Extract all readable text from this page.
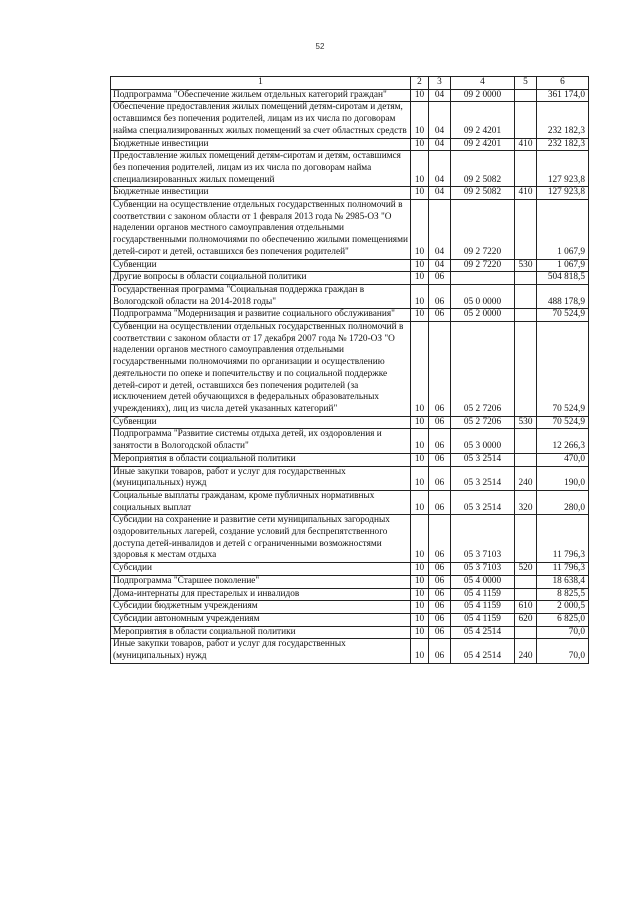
52
1	2	3	4	5	6
Подпрограмма "Обеспечение жильем отдельных категорий граждан"	10	04	09 2 0000		361 174,0
Обеспечение предоставления жилых помещений детям-сиротам и детям, оставшимся без попечения родителей, лицам из их числа по договорам найма специализированных жилых помещений за счет областных средств	10	04	09 2 4201		232 182,3
Бюджетные инвестиции	10	04	09 2 4201	410	232 182,3
Предоставление жилых помещений детям-сиротам и детям, оставшимся без попечения родителей, лицам из их числа по договорам найма специализированных жилых помещений	10	04	09 2 5082		127 923,8
Бюджетные инвестиции	10	04	09 2 5082	410	127 923,8
Субвенции на осуществление отдельных государственных полномочий в соответствии с законом области от 1 февраля 2013 года № 2985-ОЗ "О наделении органов местного самоуправления отдельными государственными полномочиями по обеспечению жилыми помещениями детей-сирот и детей, оставшихся без попечения родителей"	10	04	09 2 7220		1 067,9
Субвенции	10	04	09 2 7220	530	1 067,9
Другие вопросы в области социальной политики	10	06			504 818,5
Государственная программа "Социальная поддержка граждан в Вологодской области на 2014-2018 годы"	10	06	05 0 0000		488 178,9
Подпрограмма "Модернизация и развитие социального обслуживания"	10	06	05 2 0000		70 524,9
Субвенции на осуществлении отдельных государственных полномочий в соответствии с законом области от 17 декабря 2007 года № 1720-ОЗ "О наделении органов местного самоуправления отдельными государственными полномочиями по организации и осуществлению деятельности по опеке и попечительству и по социальной поддержке детей-сирот и детей, оставшихся без попечения родителей (за исключением детей обучающихся в федеральных образовательных учреждениях), лиц из числа детей указанных категорий"	10	06	05 2 7206		70 524,9
Субвенции	10	06	05 2 7206	530	70 524,9
Подпрограмма "Развитие системы отдыха детей, их оздоровления и занятости в Вологодской области"	10	06	05 3 0000		12 266,3
Мероприятия в области социальной политики	10	06	05 3 2514		470,0
Иные закупки товаров, работ и услуг для государственных (муниципальных) нужд	10	06	05 3 2514	240	190,0
Социальные выплаты гражданам, кроме публичных нормативных социальных выплат	10	06	05 3 2514	320	280,0
Субсидии на сохранение и развитие сети муниципальных загородных оздоровительных лагерей, создание условий для беспрепятственного доступа детей-инвалидов и детей с ограниченными возможностями здоровья к местам отдыха	10	06	05 3 7103		11 796,3
Субсидии	10	06	05 3 7103	520	11 796,3
Подпрограмма "Старшее поколение"	10	06	05 4 0000		18 638,4
Дома-интернаты для престарелых и инвалидов	10	06	05 4 1159		8 825,5
Субсидии бюджетным учреждениям	10	06	05 4 1159	610	2 000,5
Субсидии автономным учреждениям	10	06	05 4 1159	620	6 825,0
Мероприятия в области социальной политики	10	06	05 4 2514		70,0
Иные закупки товаров, работ и услуг для государственных (муниципальных) нужд	10	06	05 4 2514	240	70,0
